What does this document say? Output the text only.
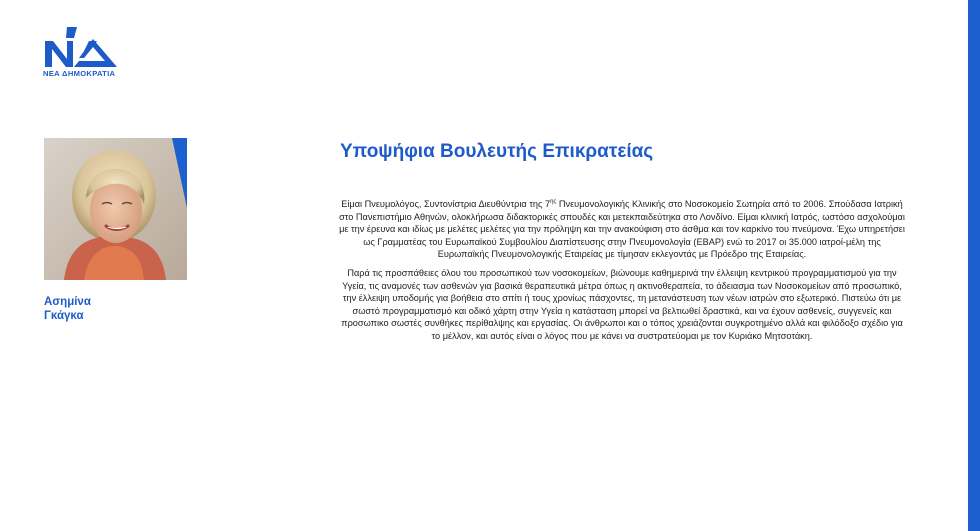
ΝΕΑ ΔΗΜΟΚΡΑΤΙΑ
Ασημίνα
Γκάγκα
Υποψήφια Βουλευτής Επικρατείας

Είμαι Πνευμολόγος, Συντονίστρια Διευθύντρια της $7^{\eta\varsigma}$ Πνευμονολογικής Κλινικής στο Νοσοκομείο Σωτηρία από το 2006. Σπούδασα Ιατρική στο Πανεπιστήμιο Αθηνών, ολοκλήρωσα διδακτορικές σπουδές και μετεκπαιδεύτηκα στο Λονδίνο. Είμαι κλινική Ιατρός, ωστόσο ασχολούμαι με την έρευνα και ιδίως με μελέτες μελέτες για την πρόληψη και την ανακούφιση στο άσθμα και τον καρκίνο του πνεύμονα. Έχω υπηρετήσει ως Γραμματέας του Ευρωπαϊκού Συμβουλίου Διαπίστευσης στην Πνευμονολογία (ΕΒΑΡ) ενώ το 2017 οι 35.000 ιατροί-μέλη της Ευρωπαϊκής Πνευμονολογικής Εταιρείας με τίμησαν εκλεγοντάς με Πρόεδρο της Εταιρείας.

Παρά τις προσπάθειες όλου του προσωπικού των νοσοκομείων, βιώνουμε καθημερινά την έλλειψη κεντρικού προγραμματισμού για την Υγεία, τις αναμονές των ασθενών για βασικά θεραπευτικά μέτρα όπως η ακτινοθεραπεία, το άδειασμα των Νοσοκομείων από προσωπικό, την έλλειψη υποδομής για βοήθεια στο σπίτι ή τους χρονίως πάσχοντες, τη μετανάστευση των νέων ιατρών στο εξωτερικό. Πιστεύω ότι με σωστό προγραμματισμό και οδικό χάρτη στην Υγεία η κατάσταση μπορεί να βελτιωθεί δραστικά, και να έχουν ασθενείς, συγγενείς και προσωπικο σωστές συνθήκες περίθαλψης και εργασίας. Οι άνθρωποι και ο τόπος χρειάζονται συγκροτημένο αλλά και φιλόδοξο σχέδιο για το μέλλον, και αυτός είναι ο λόγος που με κάνει να συστρατεύομαι με τον Κυριάκο Μητσοτάκη.
